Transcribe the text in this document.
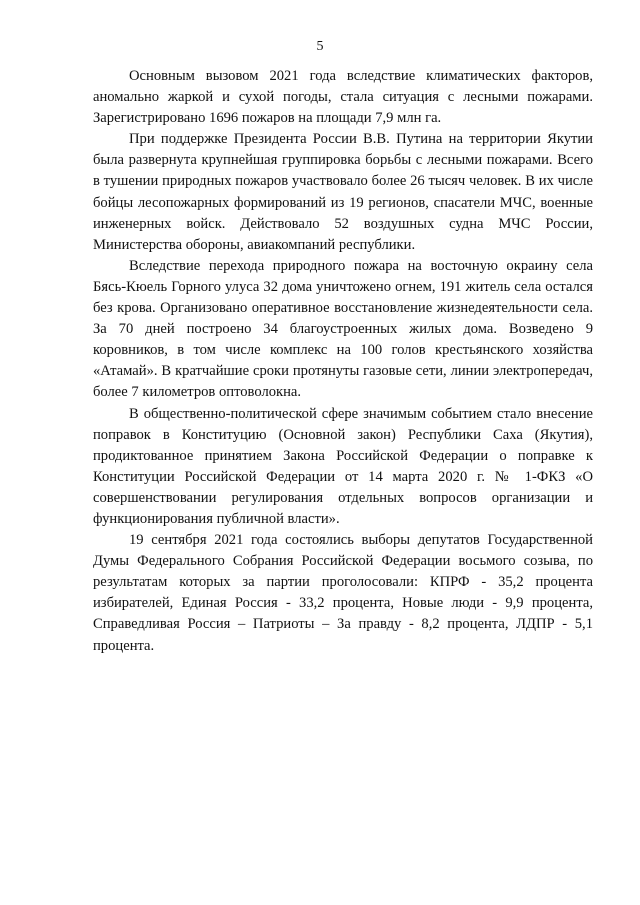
5

Основным вызовом 2021 года вследствие климатических факторов, аномально жаркой и сухой погоды, стала ситуация с лесными пожарами. Зарегистрировано 1696 пожаров на площади 7,9 млн га.

При поддержке Президента России В.В. Путина на территории Якутии была развернута крупнейшая группировка борьбы с лесными пожарами. Всего в тушении природных пожаров участвовало более 26 тысяч человек. В их числе бойцы лесопожарных формирований из 19 регионов, спасатели МЧС, военные инженерных войск. Действовало 52 воздушных судна МЧС России, Министерства обороны, авиакомпаний республики.

Вследствие перехода природного пожара на восточную окраину села Бясь-Кюель Горного улуса 32 дома уничтожено огнем, 191 житель села остался без крова. Организовано оперативное восстановление жизнедеятельности села. За 70 дней построено 34 благоустроенных жилых дома. Возведено 9 коровников, в том числе комплекс на 100 голов крестьянского хозяйства «Атамай». В кратчайшие сроки протянуты газовые сети, линии электропередач, более 7 километров оптоволокна.

В общественно-политической сфере значимым событием стало внесение поправок в Конституцию (Основной закон) Республики Саха (Якутия), продиктованное принятием Закона Российской Федерации о поправке к Конституции Российской Федерации от 14 марта 2020 г. № 1-ФКЗ «О совершенствовании регулирования отдельных вопросов организации и функционирования публичной власти».

19 сентября 2021 года состоялись выборы депутатов Государственной Думы Федерального Собрания Российской Федерации восьмого созыва, по результатам которых за партии проголосовали: КПРФ - 35,2 процента избирателей, Единая Россия - 33,2 процента, Новые люди - 9,9 процента, Справедливая Россия – Патриоты – За правду - 8,2 процента, ЛДПР - 5,1 процента.
